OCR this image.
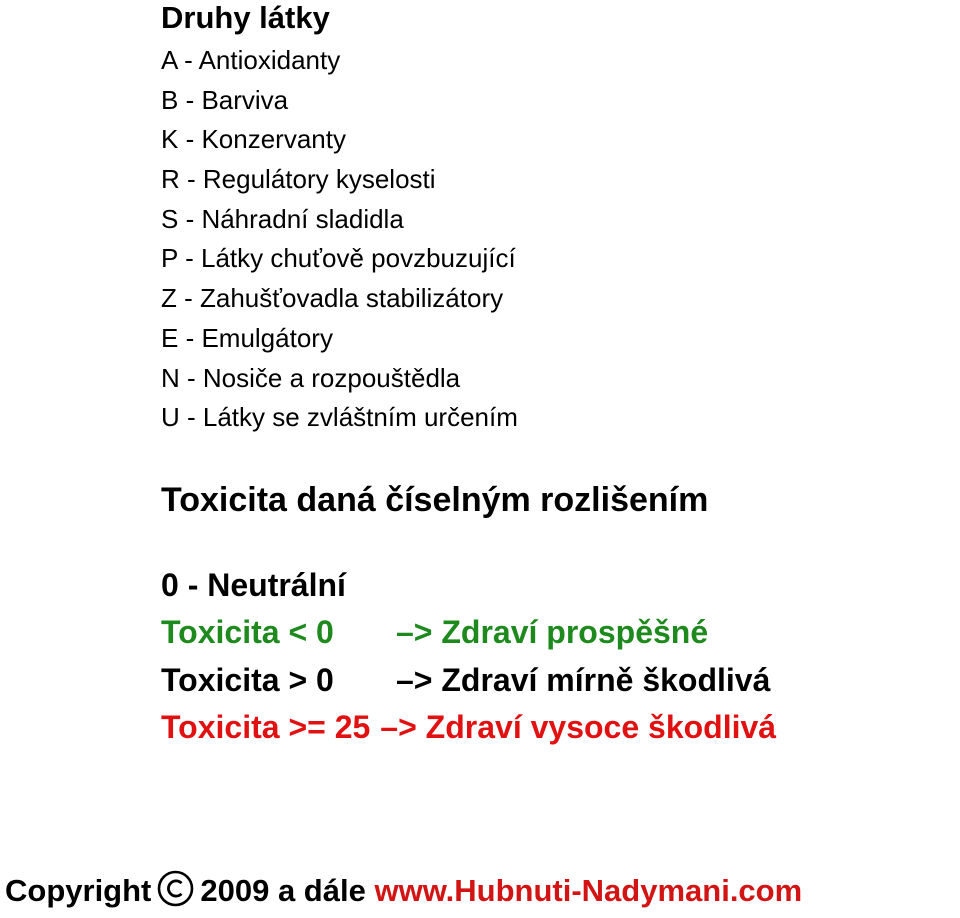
Druhy látky
A - Antioxidanty
B - Barviva
K - Konzervanty
R - Regulátory kyselosti
S - Náhradní sladidla
P - Látky chuťově povzbuzující
Z - Zahušťovadla stabilizátory
E - Emulgátory
N - Nosiče a rozpouštědla
U - Látky se zvláštním určením
Toxicita daná číselným rozlišením
0 - Neutrální
Toxicita < 0	–> Zdraví prospěšné
Toxicita > 0	–> Zdraví mírně škodlivá
Toxicita >= 25 –> Zdraví vysoce škodlivá
Copyright 2009 a dále www.Hubnuti-Nadymani.com
